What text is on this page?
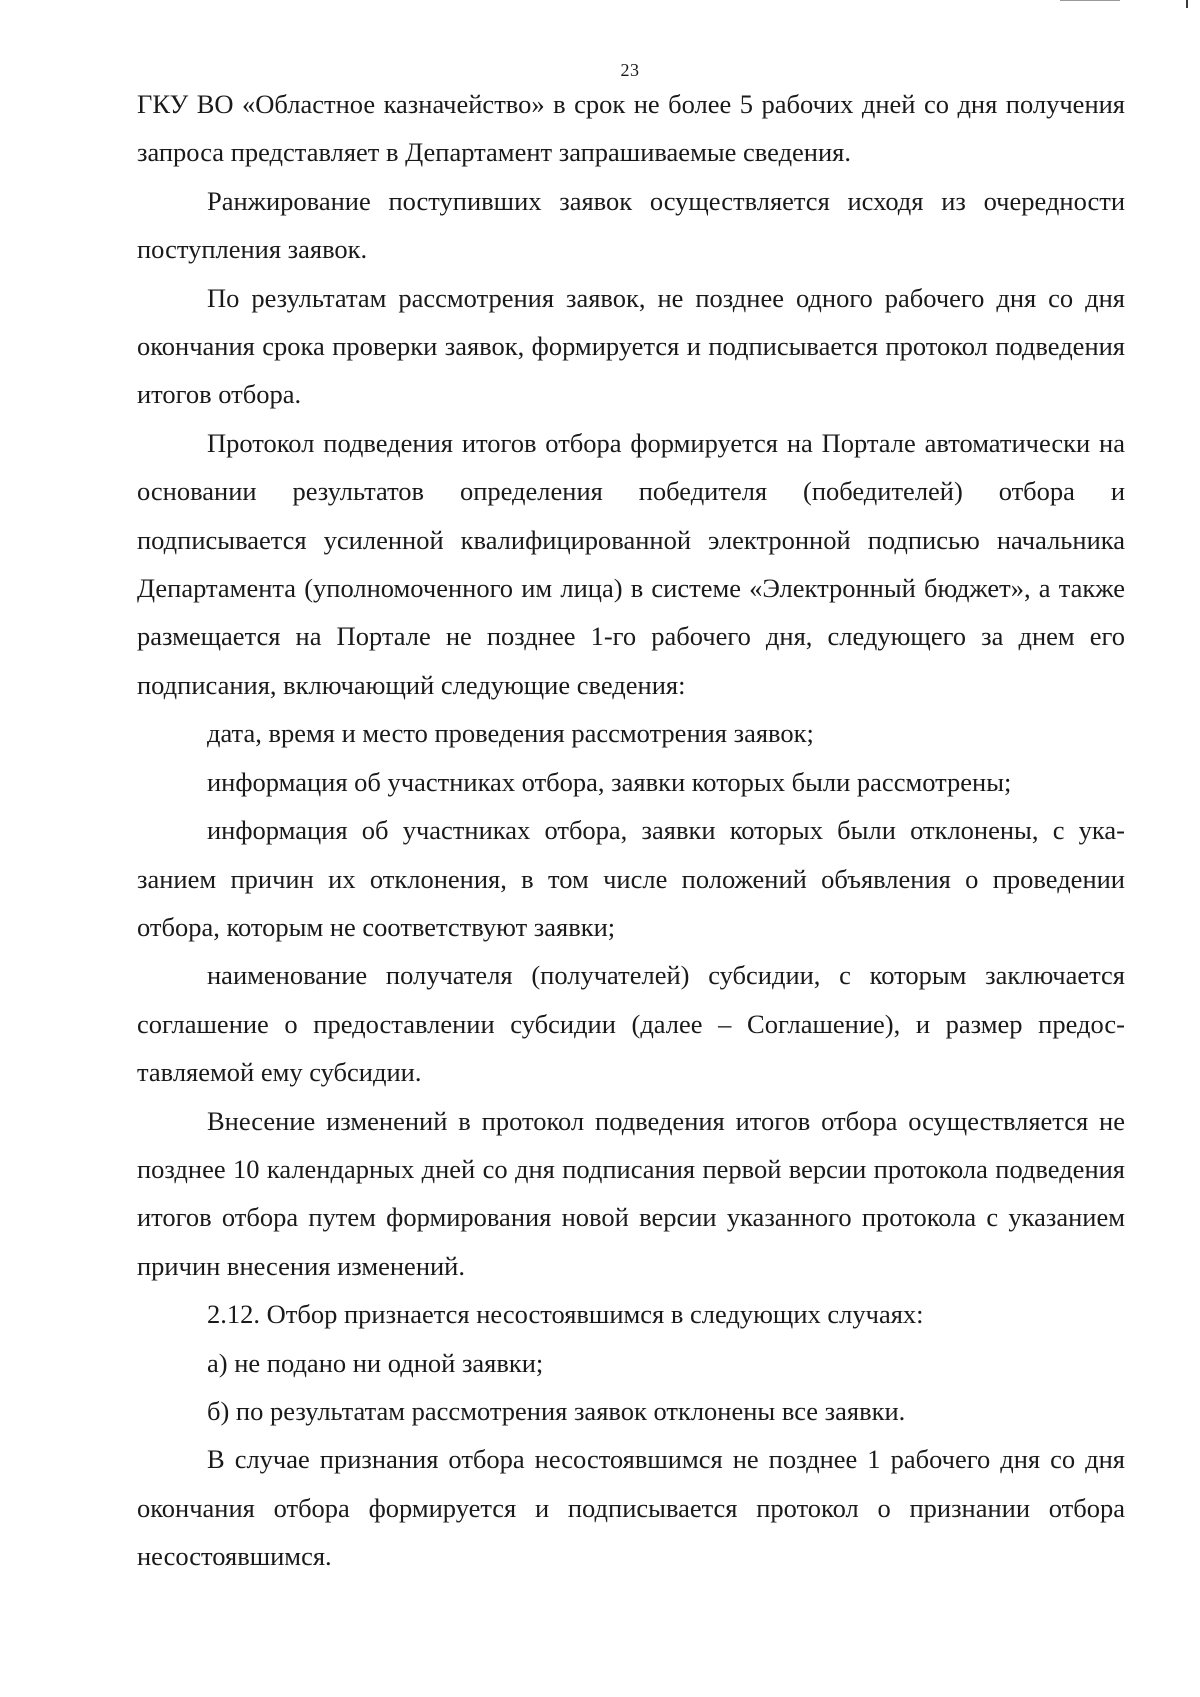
23

ГКУ ВО «Областное казначейство» в срок не более 5 рабочих дней со дня получения запроса представляет в Департамент запрашиваемые сведения.

Ранжирование поступивших заявок осуществляется исходя из очередности поступления заявок.

По результатам рассмотрения заявок, не позднее одного рабочего дня со дня окончания срока проверки заявок, формируется и подписывается протокол подведения итогов отбора.

Протокол подведения итогов отбора формируется на Портале автоматически на основании результатов определения победителя (победителей) отбора и подписывается усиленной квалифицированной электронной подписью начальника Департамента (уполномоченного им лица) в системе «Электронный бюджет», а также размещается на Портале не позднее 1-го рабочего дня, следующего за днем его подписания, включающий следующие сведения:

дата, время и место проведения рассмотрения заявок;

информация об участниках отбора, заявки которых были рассмотрены;

информация об участниках отбора, заявки которых были отклонены, с указанием причин их отклонения, в том числе положений объявления о проведении отбора, которым не соответствуют заявки;

наименование получателя (получателей) субсидии, с которым заключается соглашение о предоставлении субсидии (далее – Соглашение), и размер предоставляемой ему субсидии.

Внесение изменений в протокол подведения итогов отбора осуществляется не позднее 10 календарных дней со дня подписания первой версии протокола подведения итогов отбора путем формирования новой версии указанного протокола с указанием причин внесения изменений.

2.12. Отбор признается несостоявшимся в следующих случаях:

а) не подано ни одной заявки;

б) по результатам рассмотрения заявок отклонены все заявки.

В случае признания отбора несостоявшимся не позднее 1 рабочего дня со дня окончания отбора формируется и подписывается протокол о признании отбора несостоявшимся.
